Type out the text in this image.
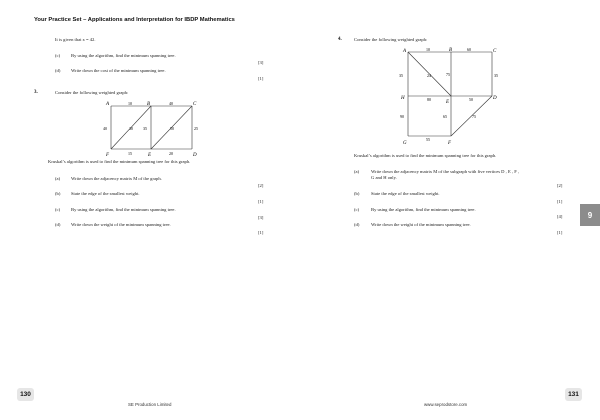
Your Practice Set – Applications and Interpretation for IBDP Mathematics
It is given that x = 42.
(c) By using the algorithm, find the minimum spanning tree.
[3]
(d) Write down the cost of the minimum spanning tree.
[1]
3.	Consider the following weighted graph:
A	B	C
F	E	D
10	40
40	30	35	50	25
15	20
Kruskal’s algorithm is used to find the minimum spanning tree for this graph.
(a) Write down the adjacency matrix M of the graph.
[2]
(b) State the edge of the smallest weight.
[1]
(c) By using the algorithm, find the minimum spanning tree.
[3]
(d) Write down the weight of the minimum spanning tree.
[1]
130
SE Production Limited
4.	Consider the following weighted graph:
A	B	C
H
E
D
G	F
10	60
35	24	75	35
80	50
90	65	75
55
Kruskal’s algorithm is used to find the minimum spanning tree for this graph.
(a)	Write down the adjacency matrix M of the subgraph with five vertices D , E , F ,
G and H only.
[2]
(b)	State the edge of the smallest weight.
[1]
(c)	By using the algorithm, find the minimum spanning tree.
[4]
(d)	Write down the weight of the minimum spanning tree.
[1]
9
131
www.seprodstore.com
